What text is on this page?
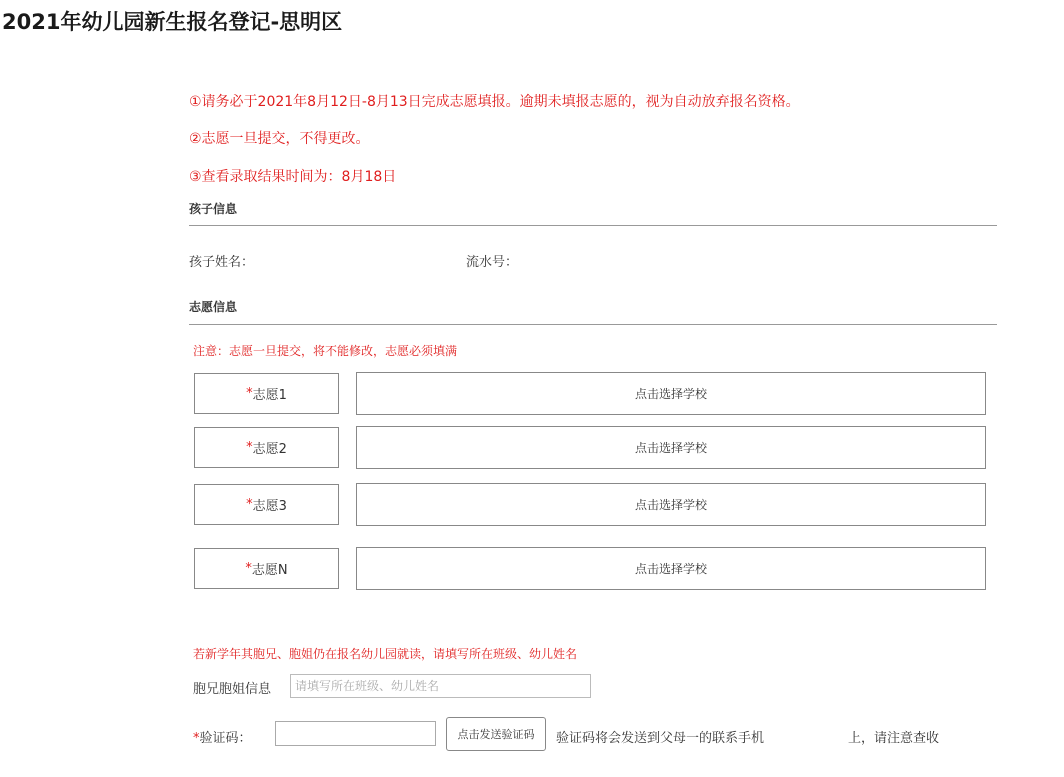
2021年幼儿园新生报名登记-思明区
①请务必于2021年8月12日-8月13日完成志愿填报。逾期未填报志愿的，视为自动放弃报名资格。
②志愿一旦提交，不得更改。
③查看录取结果时间为：8月18日
孩子信息
孩子姓名：	流水号：
志愿信息
注意：志愿一旦提交，将不能修改，志愿必须填满
* 志愿1	点击选择学校
* 志愿2	点击选择学校
* 志愿3	点击选择学校
* 志愿N	点击选择学校
若新学年其胞兄、胞姐仍在报名幼儿园就读，请填写所在班级、幼儿姓名
胞兄胞姐信息
请填写所在班级、幼儿姓名
*验证码：	点击发送验证码	验证码将会发送到父母一的联系手机	上，请注意查收
